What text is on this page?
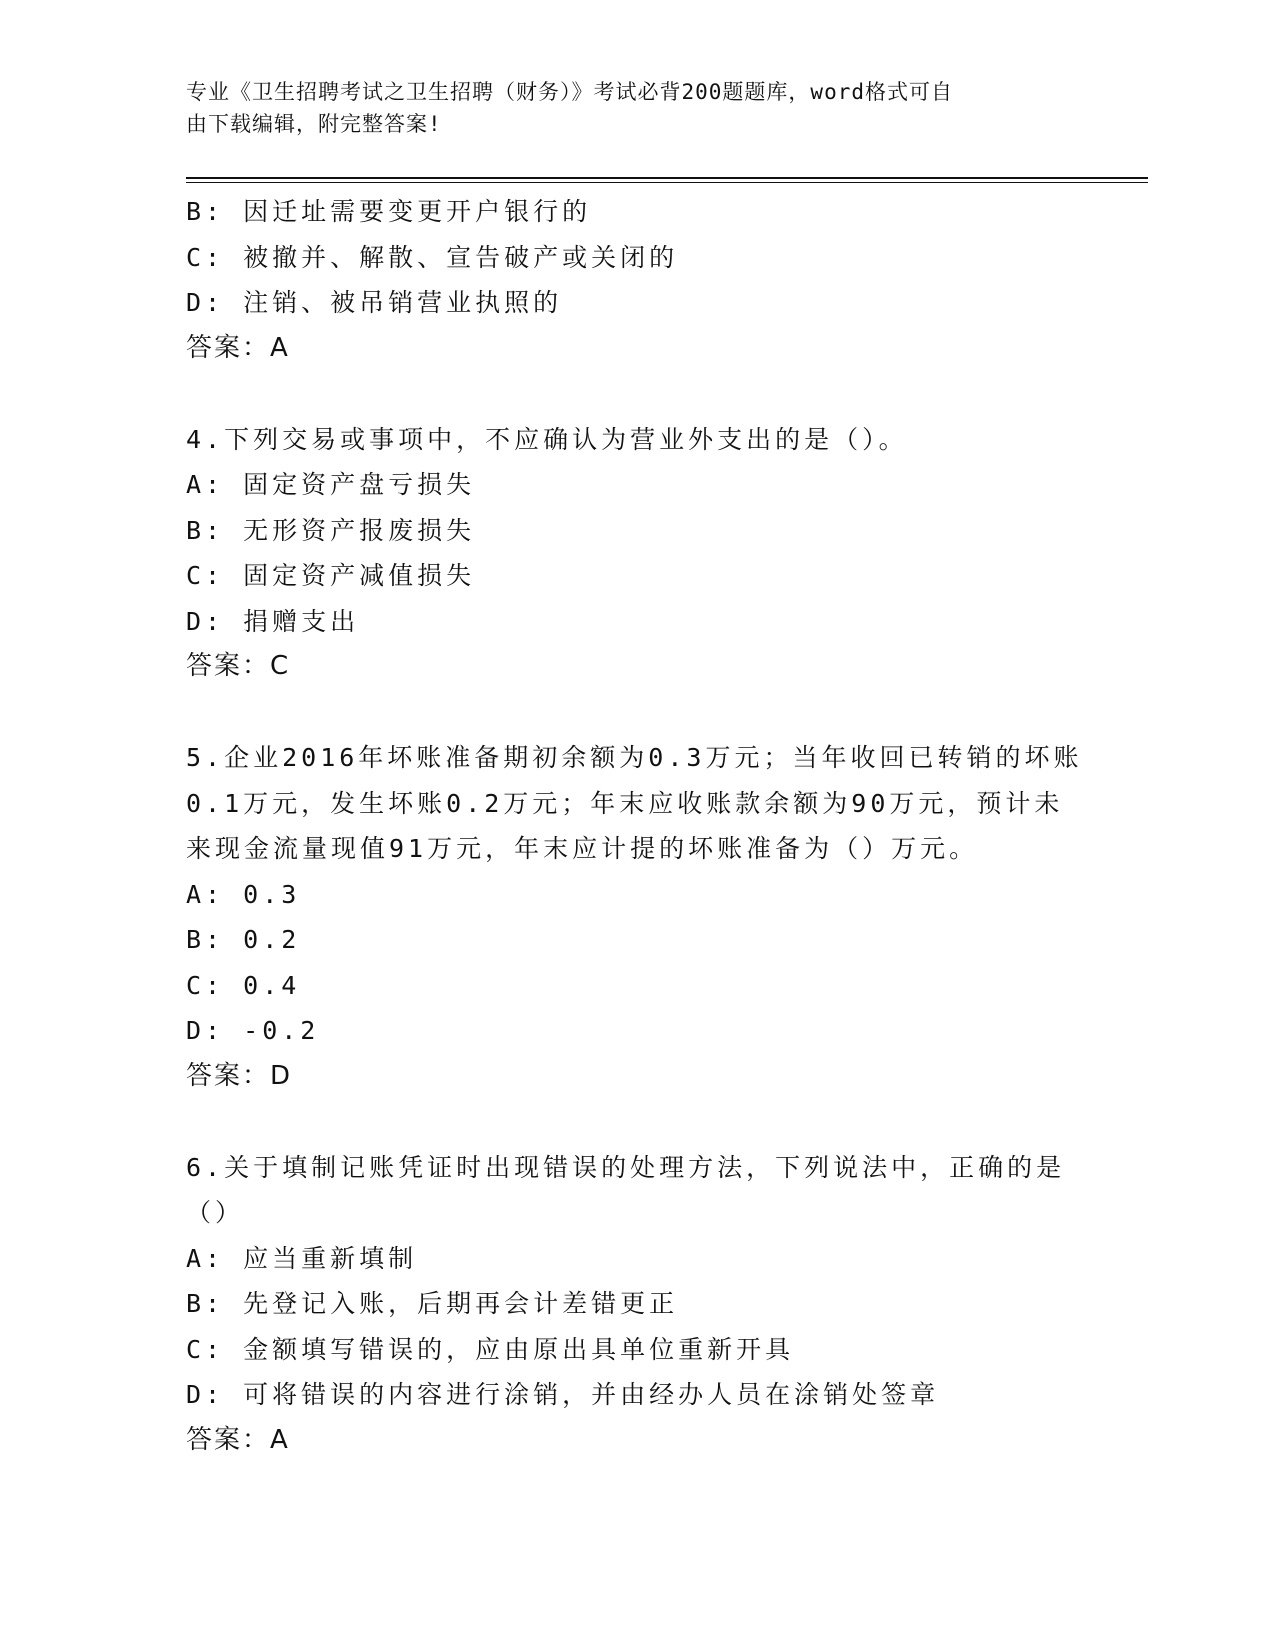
专业《卫生招聘考试之卫生招聘（财务）》考试必背200题题库，word格式可自
由下载编辑，附完整答案!
B: 因迁址需要变更开户银行的
C: 被撤并、解散、宣告破产或关闭的
D: 注销、被吊销营业执照的
答案：A
4.下列交易或事项中，不应确认为营业外支出的是（）。
A: 固定资产盘亏损失
B: 无形资产报废损失
C: 固定资产减值损失
D: 捐赠支出
答案：C
5.企业2016年坏账准备期初余额为0.3万元；当年收回已转销的坏账
0.1万元，发生坏账0.2万元；年末应收账款余额为90万元，预计未
来现金流量现值91万元，年末应计提的坏账准备为（）万元。
A: 0.3
B: 0.2
C: 0.4
D: -0.2
答案：D
6.关于填制记账凭证时出现错误的处理方法，下列说法中，正确的是
（）
A: 应当重新填制
B: 先登记入账，后期再会计差错更正
C: 金额填写错误的，应由原出具单位重新开具
D: 可将错误的内容进行涂销，并由经办人员在涂销处签章
答案：A
